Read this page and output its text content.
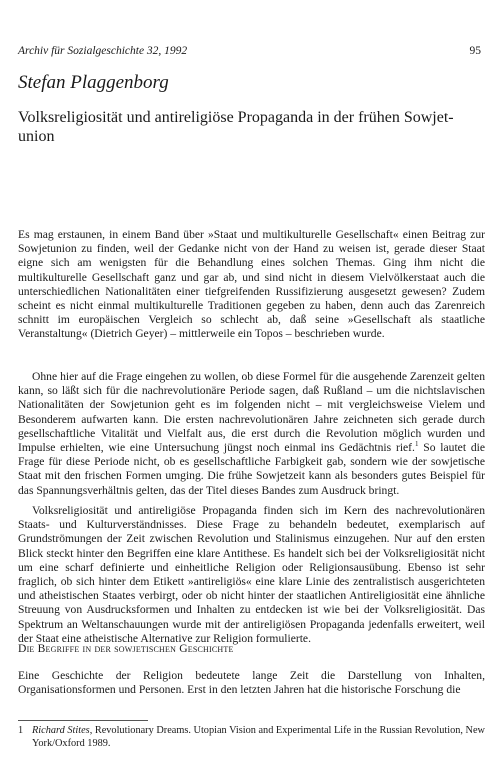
Archiv für Sozialgeschichte 32, 1992	95
Stefan Plaggenborg
Volksreligiosität und antireligiöse Propaganda in der frühen Sowjet-union

Es mag erstaunen, in einem Band über »Staat und multikulturelle Gesellschaft« einen Beitrag zur Sowjetunion zu finden, weil der Gedanke nicht von der Hand zu weisen ist, gerade dieser Staat eigne sich am wenigsten für die Behandlung eines solchen Themas. Ging ihm nicht die multikulturelle Gesellschaft ganz und gar ab, und sind nicht in diesem Vielvölkerstaat auch die unterschiedlichen Nationalitäten einer tiefgreifenden Russifizierung ausgesetzt gewesen? Zudem scheint es nicht einmal multikulturelle Traditionen gegeben zu haben, denn auch das Zarenreich schnitt im europäischen Vergleich so schlecht ab, daß seine »Gesellschaft als staatliche Veranstaltung« (Dietrich Geyer) – mittlerweile ein Topos – beschrieben wurde.

Ohne hier auf die Frage eingehen zu wollen, ob diese Formel für die ausgehende Zarenzeit gelten kann, so läßt sich für die nachrevolutionäre Periode sagen, daß Rußland – um die nichtslavischen Nationalitäten der Sowjetunion geht es im folgenden nicht – mit vergleichsweise Vielem und Besonderem aufwarten kann. Die ersten nachrevolutionären Jahre zeichneten sich gerade durch gesellschaftliche Vitalität und Vielfalt aus, die erst durch die Revolution möglich wurden und Impulse erhielten, wie eine Untersuchung jüngst noch einmal ins Gedächtnis rief.$^1$ So lautet die Frage für diese Periode nicht, ob es gesellschaftliche Farbigkeit gab, sondern wie der sowjetische Staat mit den frischen Formen umging. Die frühe Sowjetzeit kann als besonders gutes Beispiel für das Spannungsverhältnis gelten, das der Titel dieses Bandes zum Ausdruck bringt.

Volksreligiosität und antireligiöse Propaganda finden sich im Kern des nachrevolutionären Staats- und Kulturverständnisses. Diese Frage zu behandeln bedeutet, exemplarisch auf Grundströmungen der Zeit zwischen Revolution und Stalinismus einzugehen. Nur auf den ersten Blick steckt hinter den Begriffen eine klare Antithese. Es handelt sich bei der Volksreligiosität nicht um eine scharf definierte und einheitliche Religion oder Religionsausübung. Ebenso ist sehr fraglich, ob sich hinter dem Etikett »antireligiös« eine klare Linie des zentralistisch ausgerichteten und atheistischen Staates verbirgt, oder ob nicht hinter der staatlichen Antireligiosität eine ähnliche Streuung von Ausdrucksformen und Inhalten zu entdecken ist wie bei der Volksreligiosität. Das Spektrum an Weltanschauungen wurde mit der antireligiösen Propaganda jedenfalls erweitert, weil der Staat eine atheistische Alternative zur Religion formulierte.

Die Begriffe in der sowjetischen Geschichte

Eine Geschichte der Religion bedeutete lange Zeit die Darstellung von Inhalten, Organisationsformen und Personen. Erst in den letzten Jahren hat die historische Forschung die

1 Richard Stites, Revolutionary Dreams. Utopian Vision and Experimental Life in the Russian Revolution, New York/Oxford 1989.
